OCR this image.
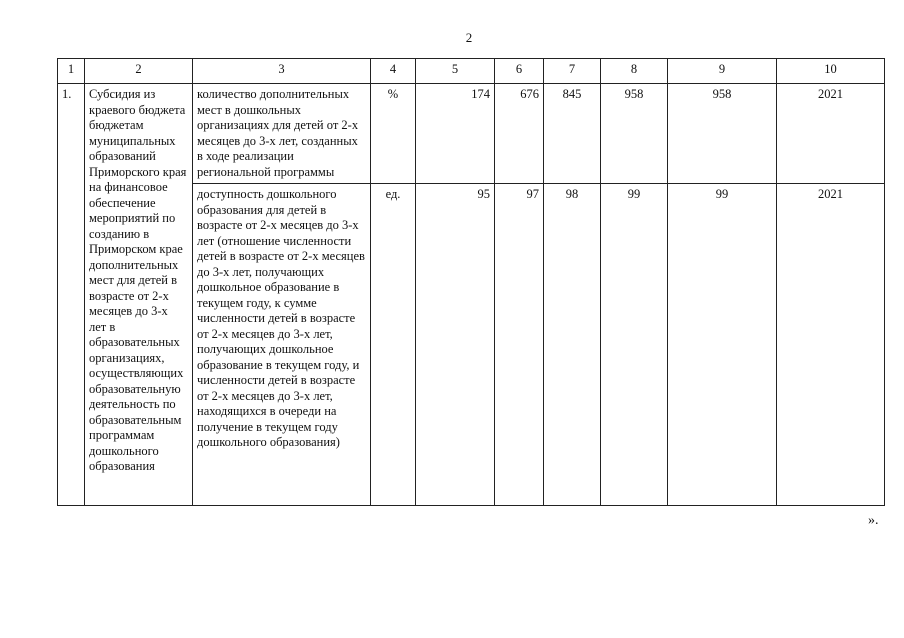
2
1	2	3	4	5	6	7	8	9	10
1.	Субсидия из краевого бюджета бюджетам муниципальных образований Приморского края на финансовое обеспечение мероприятий по созданию в Приморском крае дополнительных мест для детей в возрасте от 2-х месяцев до 3-х лет в образовательных организациях, осуществляющих образовательную деятельность по образовательным программам дошкольного образования	количество дополнительных мест в дошкольных организациях для детей от 2-х месяцев до 3-х лет, созданных в ходе реализации региональной программы	%	174	676	845	958	958	2021
		доступность дошкольного образования для детей в возрасте от 2-х месяцев до 3-х лет (отношение численности детей в возрасте от 2-х месяцев до 3-х лет, получающих дошкольное образование в текущем году, к сумме численности детей в возрасте от 2-х месяцев до 3-х лет, получающих дошкольное образование в текущем году, и численности детей в возрасте от 2-х месяцев до 3-х лет, находящихся в очереди на получение в текущем году дошкольного образования)	ед.	95	97	98	99	99	2021
».
